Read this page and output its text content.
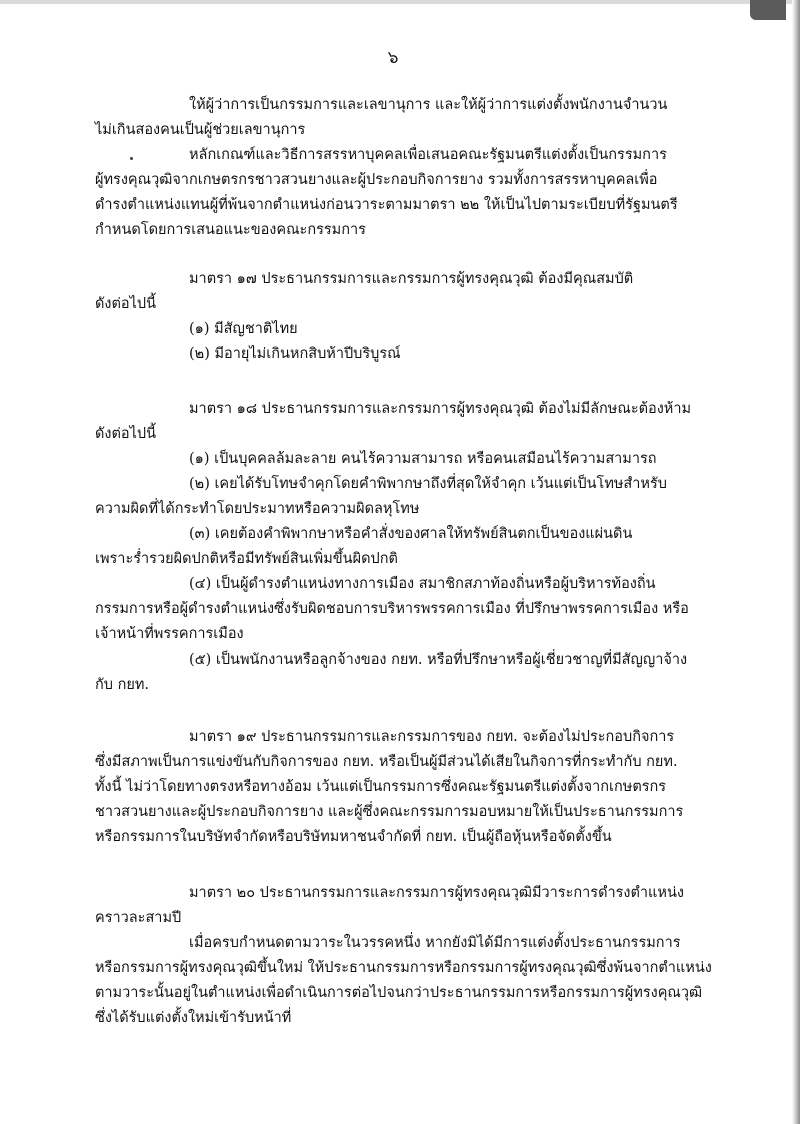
๖
ให้ผู้ว่าการเป็นกรรมการและเลขานุการ และให้ผู้ว่าการแต่งตั้งพนักงานจำนวน
ไม่เกินสองคนเป็นผู้ช่วยเลขานุการ
หลักเกณฑ์และวิธีการสรรหาบุคคลเพื่อเสนอคณะรัฐมนตรีแต่งตั้งเป็นกรรมการ
ผู้ทรงคุณวุฒิจากเกษตรกรชาวสวนยางและผู้ประกอบกิจการยาง รวมทั้งการสรรหาบุคคลเพื่อ
ดำรงตำแหน่งแทนผู้ที่พ้นจากตำแหน่งก่อนวาระตามมาตรา ๒๒ ให้เป็นไปตามระเบียบที่รัฐมนตรี
กำหนดโดยการเสนอแนะของคณะกรรมการ
มาตรา ๑๗ ประธานกรรมการและกรรมการผู้ทรงคุณวุฒิ ต้องมีคุณสมบัติ
ดังต่อไปนี้
(๑) มีสัญชาติไทย
(๒) มีอายุไม่เกินหกสิบห้าปีบริบูรณ์
มาตรา ๑๘ ประธานกรรมการและกรรมการผู้ทรงคุณวุฒิ ต้องไม่มีลักษณะต้องห้าม
ดังต่อไปนี้
(๑) เป็นบุคคลล้มละลาย คนไร้ความสามารถ หรือคนเสมือนไร้ความสามารถ
(๒) เคยได้รับโทษจำคุกโดยคำพิพากษาถึงที่สุดให้จำคุก เว้นแต่เป็นโทษสำหรับ
ความผิดที่ได้กระทำโดยประมาทหรือความผิดลหุโทษ
(๓) เคยต้องคำพิพากษาหรือคำสั่งของศาลให้ทรัพย์สินตกเป็นของแผ่นดิน
เพราะร่ำรวยผิดปกติหรือมีทรัพย์สินเพิ่มขึ้นผิดปกติ
(๔) เป็นผู้ดำรงตำแหน่งทางการเมือง สมาชิกสภาท้องถิ่นหรือผู้บริหารท้องถิ่น
กรรมการหรือผู้ดำรงตำแหน่งซึ่งรับผิดชอบการบริหารพรรคการเมือง ที่ปรึกษาพรรคการเมือง หรือ
เจ้าหน้าที่พรรคการเมือง
(๕) เป็นพนักงานหรือลูกจ้างของ กยท. หรือที่ปรึกษาหรือผู้เชี่ยวชาญที่มีสัญญาจ้าง
กับ กยท.
มาตรา ๑๙ ประธานกรรมการและกรรมการของ กยท. จะต้องไม่ประกอบกิจการ
ซึ่งมีสภาพเป็นการแข่งขันกับกิจการของ กยท. หรือเป็นผู้มีส่วนได้เสียในกิจการที่กระทำกับ กยท.
ทั้งนี้ ไม่ว่าโดยทางตรงหรือทางอ้อม เว้นแต่เป็นกรรมการซึ่งคณะรัฐมนตรีแต่งตั้งจากเกษตรกร
ชาวสวนยางและผู้ประกอบกิจการยาง และผู้ซึ่งคณะกรรมการมอบหมายให้เป็นประธานกรรมการ
หรือกรรมการในบริษัทจำกัดหรือบริษัทมหาชนจำกัดที่ กยท. เป็นผู้ถือหุ้นหรือจัดตั้งขึ้น
มาตรา ๒๐ ประธานกรรมการและกรรมการผู้ทรงคุณวุฒิมีวาระการดำรงตำแหน่ง
คราวละสามปี
เมื่อครบกำหนดตามวาระในวรรคหนึ่ง หากยังมิได้มีการแต่งตั้งประธานกรรมการ
หรือกรรมการผู้ทรงคุณวุฒิขึ้นใหม่ ให้ประธานกรรมการหรือกรรมการผู้ทรงคุณวุฒิซึ่งพ้นจากตำแหน่ง
ตามวาระนั้นอยู่ในตำแหน่งเพื่อดำเนินการต่อไปจนกว่าประธานกรรมการหรือกรรมการผู้ทรงคุณวุฒิ
ซึ่งได้รับแต่งตั้งใหม่เข้ารับหน้าที่
